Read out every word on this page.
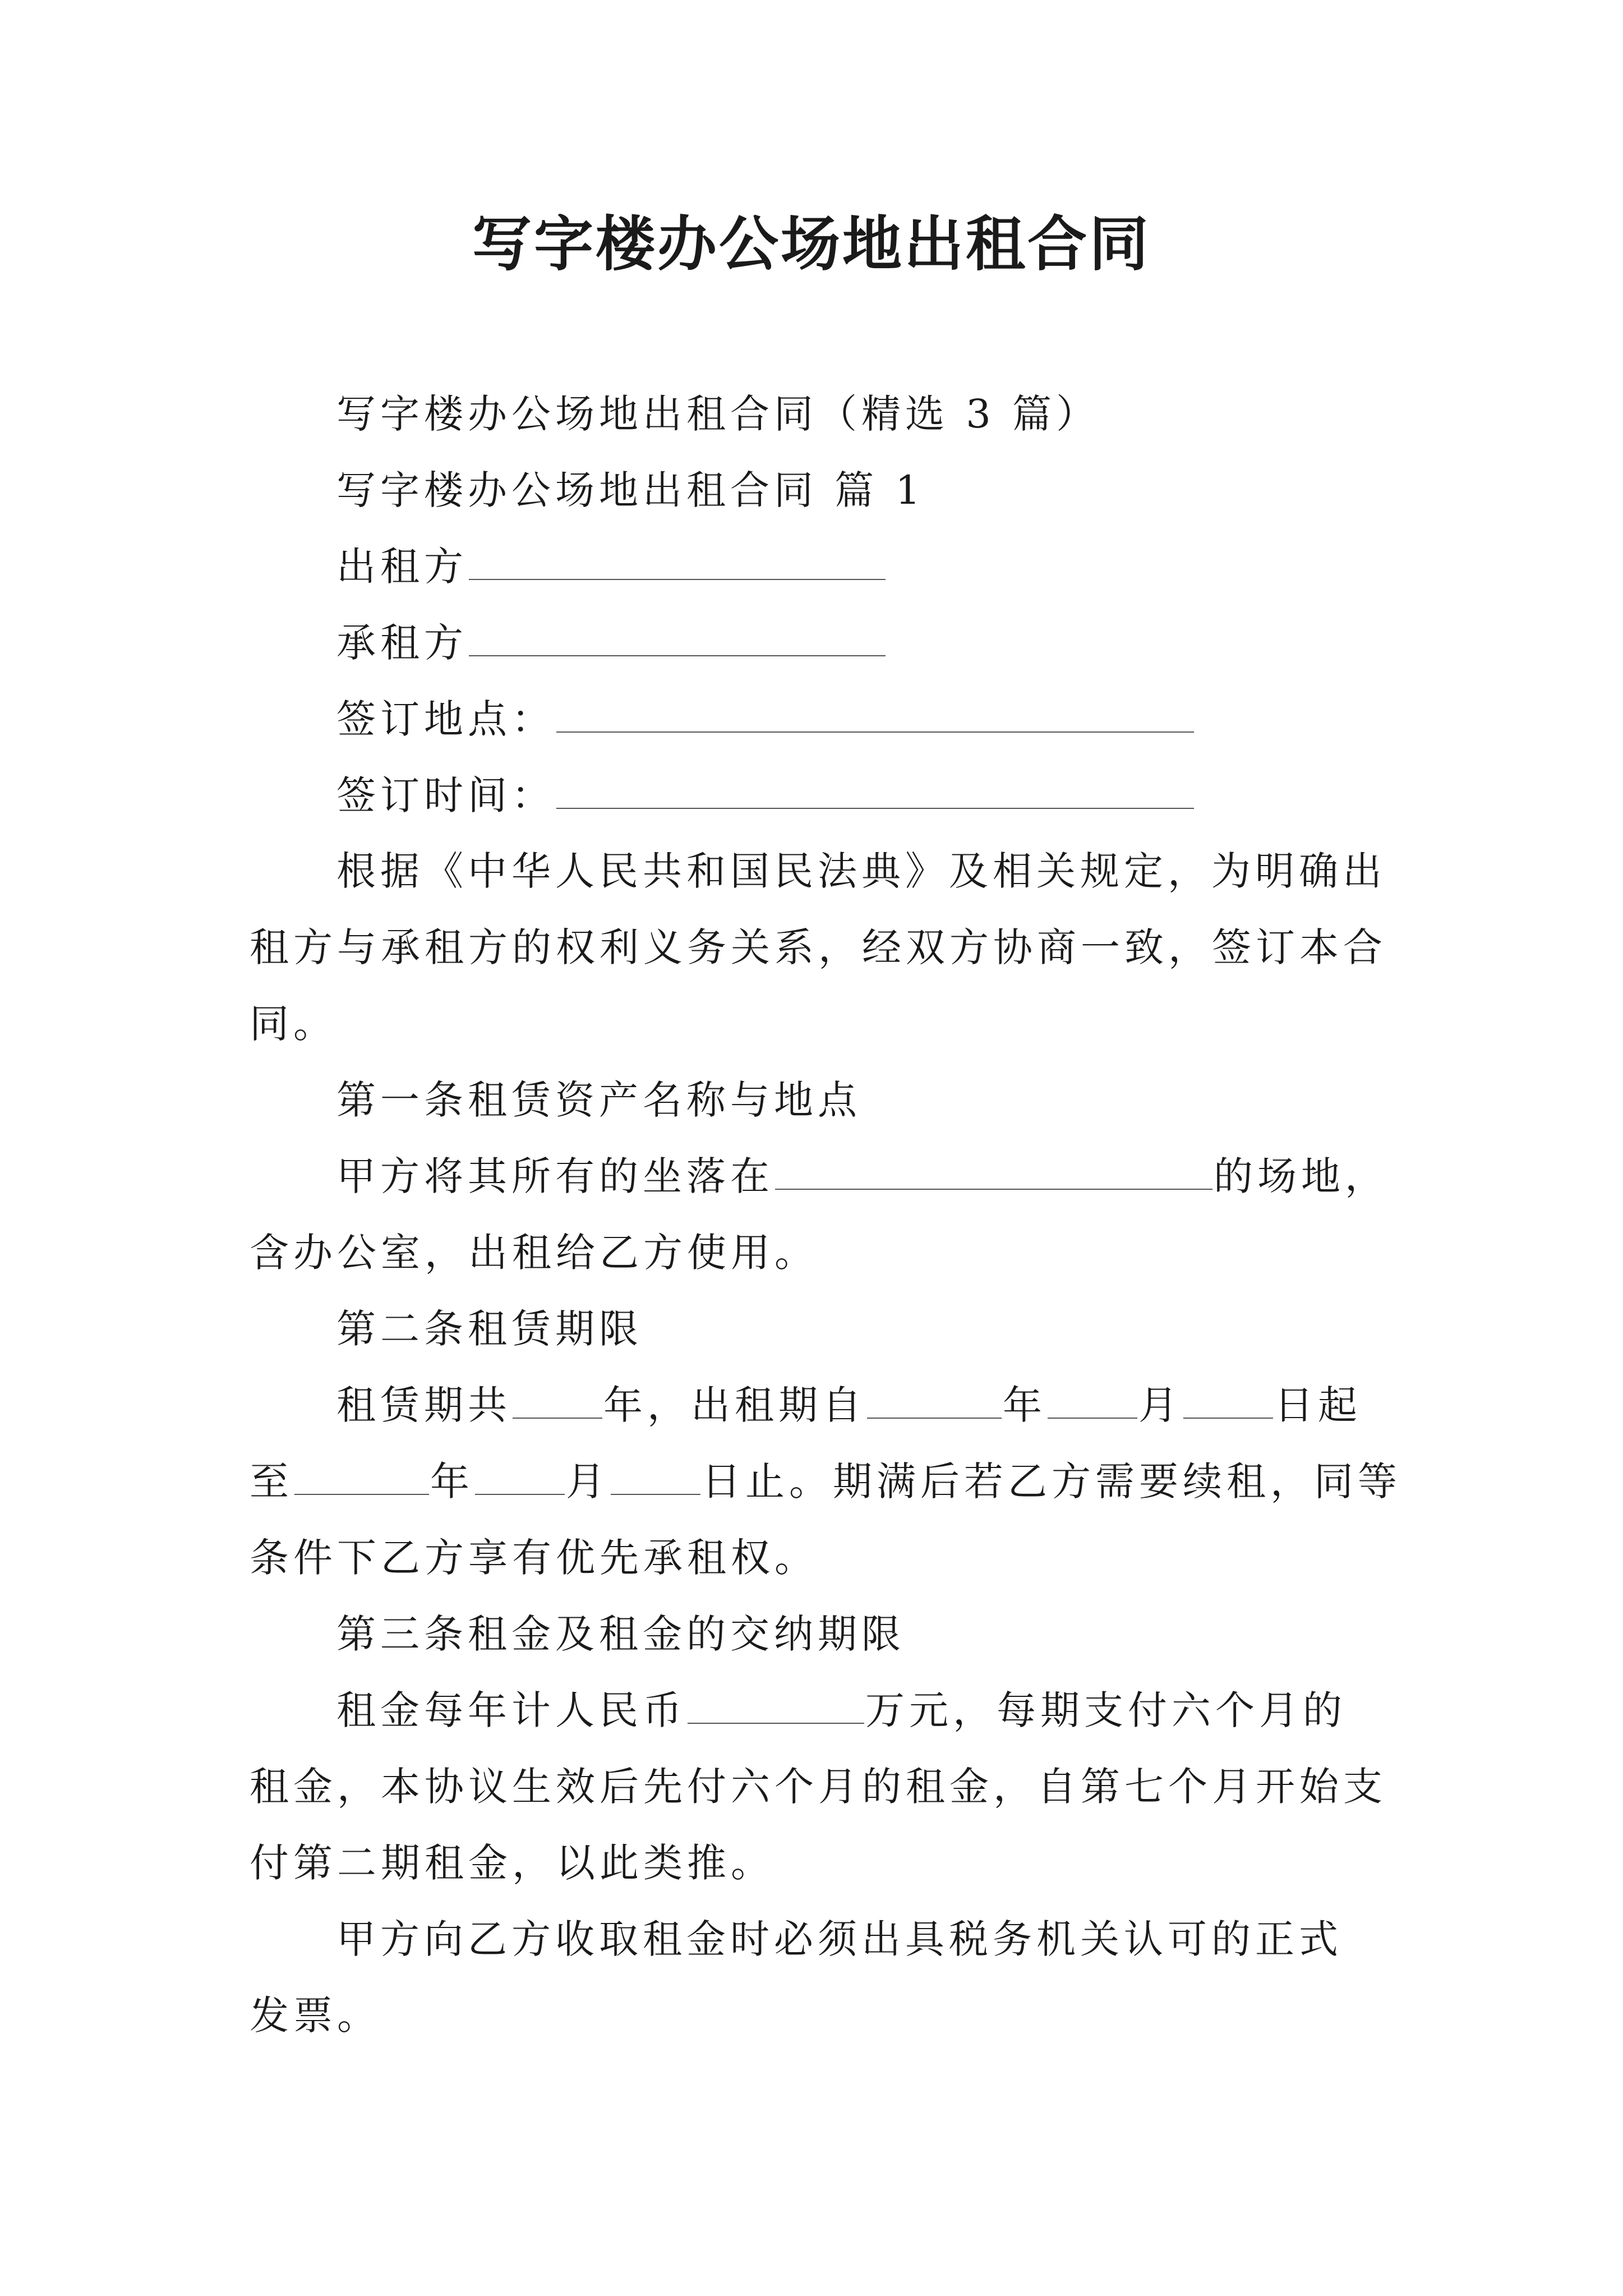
写字楼办公场地出租合同
写字楼办公场地出租合同（精选 3 篇）
写字楼办公场地出租合同 篇 1
出租方
承租方
签订地点：
签订时间：
根据《中华人民共和国民法典》及相关规定，为明确出
租方与承租方的权利义务关系，经双方协商一致，签订本合
同。
第一条租赁资产名称与地点
甲方将其所有的坐落在	的场地，
含办公室，出租给乙方使用。
第二条租赁期限
租赁期共 年，出租期自	年 月 日起
至	年 月 日止。期满后若乙方需要续租，同等
条件下乙方享有优先承租权。
第三条租金及租金的交纳期限
租金每年计人民币	万元，每期支付六个月的
租金，本协议生效后先付六个月的租金，自第七个月开始支
付第二期租金，以此类推。
甲方向乙方收取租金时必须出具税务机关认可的正式
发票。
